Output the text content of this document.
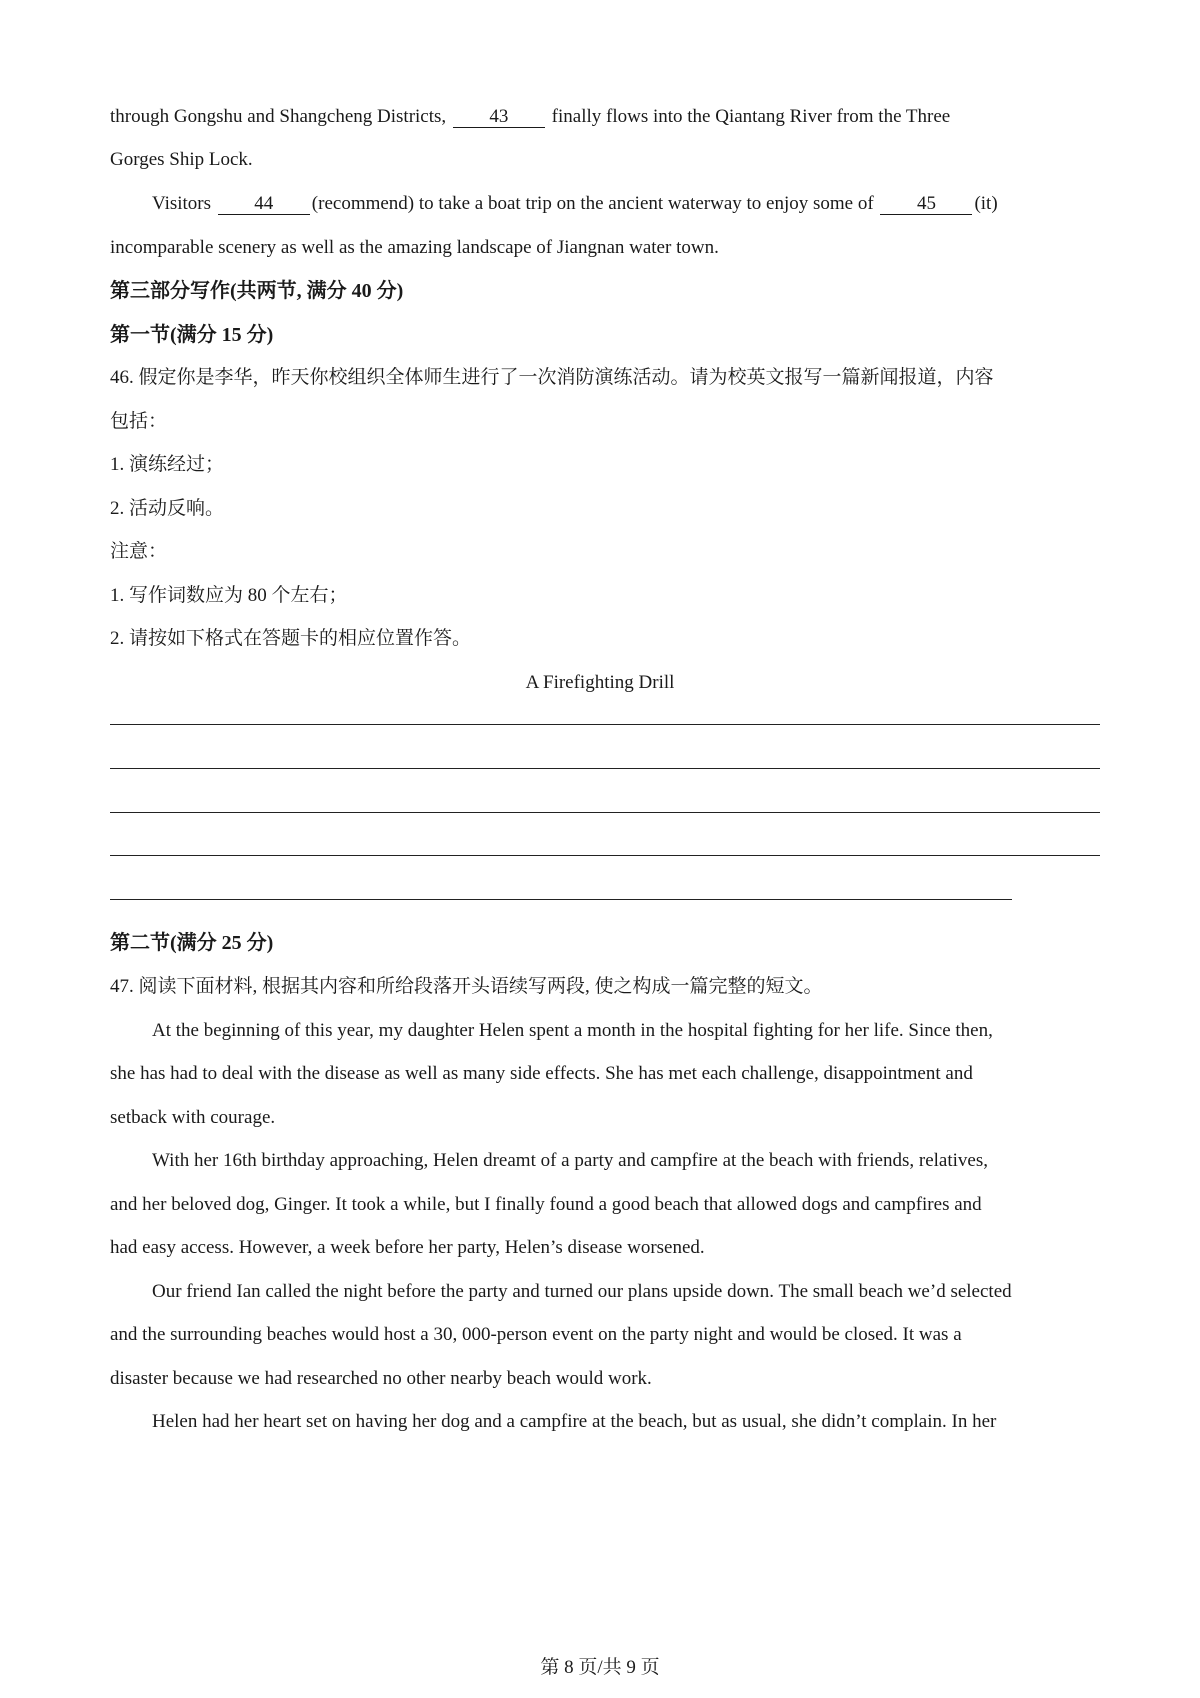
through Gongshu and Shangcheng Districts, 43 finally flows into the Qiantang River from the Three
Gorges Ship Lock.
Visitors 44 (recommend) to take a boat trip on the ancient waterway to enjoy some of 45 (it)
incomparable scenery as well as the amazing landscape of Jiangnan water town.
第三部分写作(共两节, 满分 40 分)
第一节(满分 15 分)
46. 假定你是李华，昨天你校组织全体师生进行了一次消防演练活动。请为校英文报写一篇新闻报道，内容
包括：
1. 演练经过；
2. 活动反响。
注意：
1. 写作词数应为 80 个左右；
2. 请按如下格式在答题卡的相应位置作答。
A Firefighting Drill
第二节(满分 25 分)
47. 阅读下面材料, 根据其内容和所给段落开头语续写两段, 使之构成一篇完整的短文。
At the beginning of this year, my daughter Helen spent a month in the hospital fighting for her life. Since then,
she has had to deal with the disease as well as many side effects. She has met each challenge, disappointment and
setback with courage.
With her 16th birthday approaching, Helen dreamt of a party and campfire at the beach with friends, relatives,
and her beloved dog, Ginger. It took a while, but I finally found a good beach that allowed dogs and campfires and
had easy access. However, a week before her party, Helen’s disease worsened.
Our friend Ian called the night before the party and turned our plans upside down. The small beach we’d selected
and the surrounding beaches would host a 30, 000-person event on the party night and would be closed. It was a
disaster because we had researched no other nearby beach would work.
Helen had her heart set on having her dog and a campfire at the beach, but as usual, she didn’t complain. In her
第 8 页/共 9 页
